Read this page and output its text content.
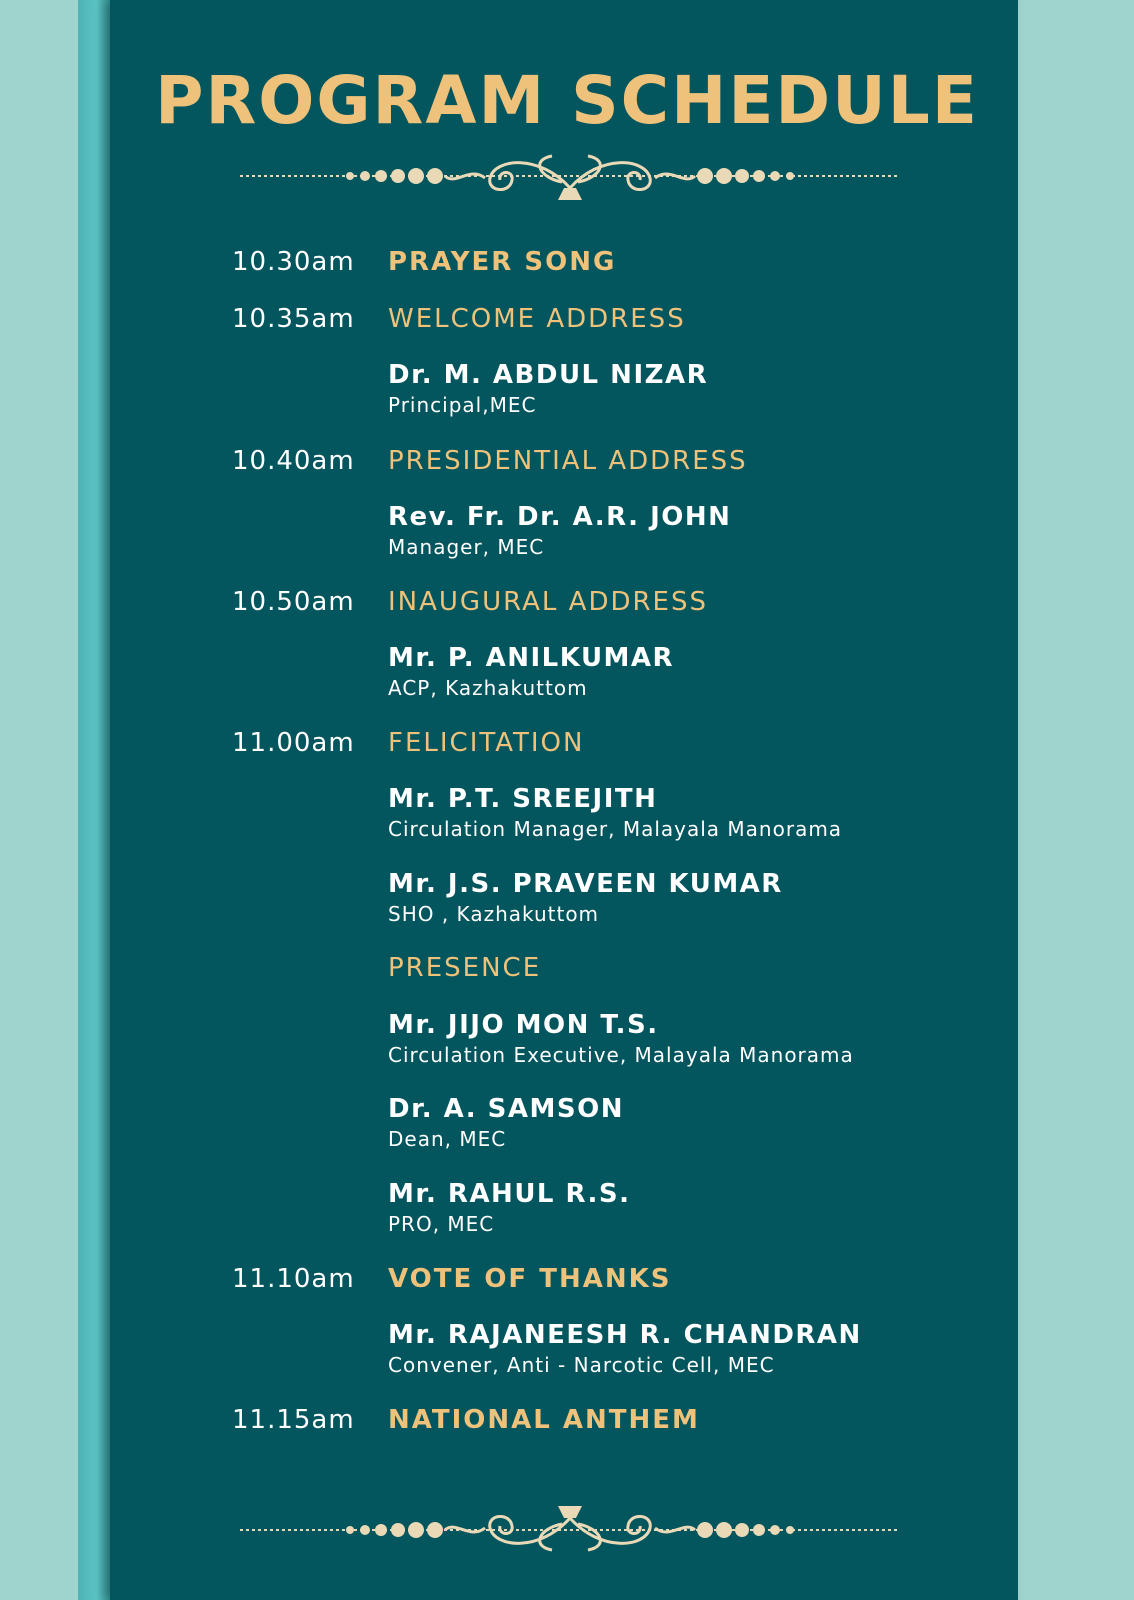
PROGRAM SCHEDULE
10.30am PRAYER SONG
10.35am WELCOME ADDRESS
Dr. M. ABDUL NIZAR
Principal,MEC
10.40am PRESIDENTIAL ADDRESS
Rev. Fr. Dr. A.R. JOHN
Manager, MEC
10.50am INAUGURAL ADDRESS
Mr. P. ANILKUMAR
ACP, Kazhakuttom
11.00am FELICITATION
Mr. P.T. SREEJITH
Circulation Manager, Malayala Manorama
Mr. J.S. PRAVEEN KUMAR
SHO , Kazhakuttom
PRESENCE
Mr. JIJO MON T.S.
Circulation Executive, Malayala Manorama
Dr. A. SAMSON
Dean, MEC
Mr. RAHUL R.S.
PRO, MEC
11.10am VOTE OF THANKS
Mr. RAJANEESH R. CHANDRAN
Convener, Anti - Narcotic Cell, MEC
11.15am NATIONAL ANTHEM
